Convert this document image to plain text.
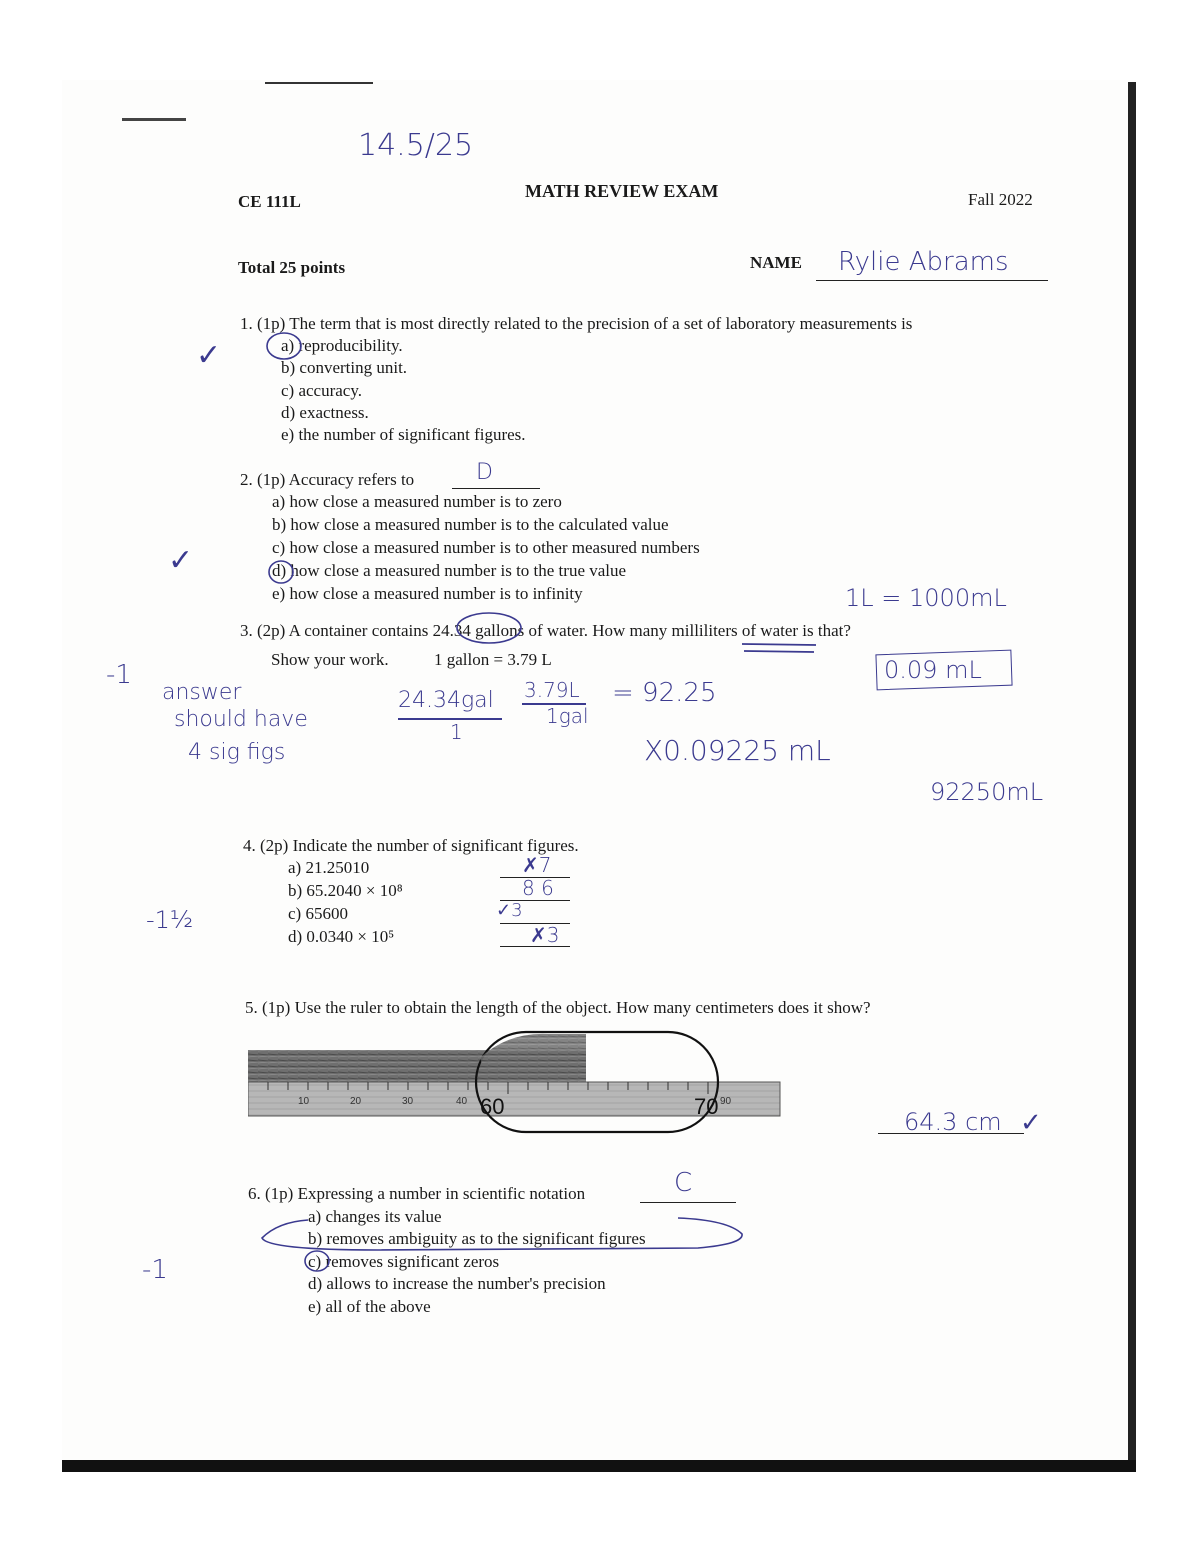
14.5/25
CE 111L
MATH REVIEW EXAM	Fall 2022
Total 25 points	NAME Rylie Abrams
1. (1p) The term that is most directly related to the precision of a set of laboratory measurements is
a) reproducibility.
b) converting unit.
c) accuracy.
d) exactness.
e) the number of significant figures.
✓
2. (1p) Accuracy refers to	D
a) how close a measured number is to zero
b) how close a measured number is to the calculated value
c) how close a measured number is to other measured numbers
d) how close a measured number is to the true value
e) how close a measured number is to infinity
✓
1L = 1000mL
3. (2p) A container contains 24.34 gallons of water. How many milliliters of water is that?
Show your work.	1 gallon = 3.79 L	0.09 mL
-1
answer
should have
4 sig figs
24.34gal
1
3.79L
1gal
= 92.25
X0.09225 mL
92250mL
4. (2p) Indicate the number of significant figures.
a) 21.25010
b) 65.2040 × 10⁸
c) 65600
d) 0.0340 × 10⁵
✗7
8 6
✓3
✗3
-1½
5. (1p) Use the ruler to obtain the length of the object. How many centimeters does it show?
10	20	30	40 60	70 90
64.3 cm ✓
6. (1p) Expressing a number in scientific notation	C
a) changes its value
b) removes ambiguity as to the significant figures
c) removes significant zeros
d) allows to increase the number's precision
e) all of the above
-1
